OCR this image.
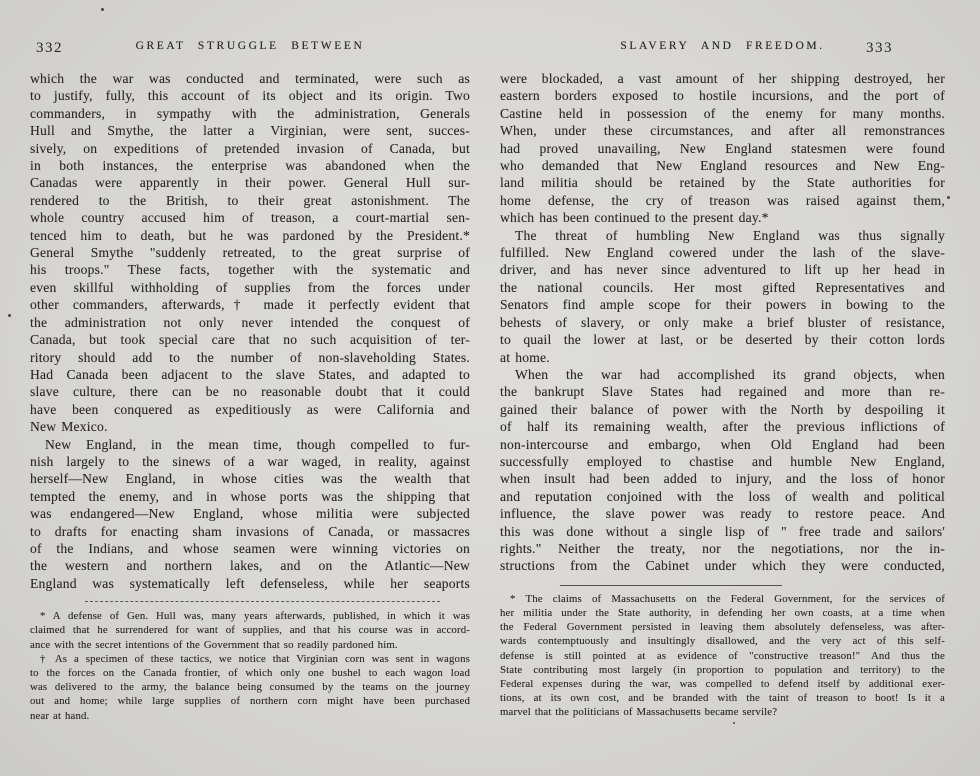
332	GREAT STRUGGLE BETWEEN
which the war was conducted and terminated, were such as
to justify, fully, this account of its object and its origin. Two
commanders, in sympathy with the administration, Generals
Hull and Smythe, the latter a Virginian, were sent, succes-
sively, on expeditions of pretended invasion of Canada, but
in both instances, the enterprise was abandoned when the
Canadas were apparently in their power. General Hull sur-
rendered to the British, to their great astonishment. The
whole country accused him of treason, a court-martial sen-
tenced him to death, but he was pardoned by the President.*
General Smythe "suddenly retreated, to the great surprise of
his troops." These facts, together with the systematic and
even skillful withholding of supplies from the forces under
other commanders, afterwards,† made it perfectly evident that
the administration not only never intended the conquest of
Canada, but took special care that no such acquisition of ter-
ritory should add to the number of non-slaveholding States.
Had Canada been adjacent to the slave States, and adapted to
slave culture, there can be no reasonable doubt that it could
have been conquered as expeditiously as were California and
New Mexico.
New England, in the mean time, though compelled to fur-
nish largely to the sinews of a war waged, in reality, against
herself—New England, in whose cities was the wealth that
tempted the enemy, and in whose ports was the shipping that
was endangered—New England, whose militia were subjected
to drafts for enacting sham invasions of Canada, or massacres
of the Indians, and whose seamen were winning victories on
the western and northern lakes, and on the Atlantic—New
England was systematically left defenseless, while her seaports
* A defense of Gen. Hull was, many years afterwards, published, in which it was
claimed that he surrendered for want of supplies, and that his course was in accord-
ance with the secret intentions of the Government that so readily pardoned him.
† As a specimen of these tactics, we notice that Virginian corn was sent in wagons
to the forces on the Canada frontier, of which only one bushel to each wagon load
was delivered to the army, the balance being consumed by the teams on the journey
out and home; while large supplies of northern corn might have been purchased
near at hand.
333
SLAVERY AND FREEDOM.
were blockaded, a vast amount of her shipping destroyed, her
eastern borders exposed to hostile incursions, and the port of
Castine held in possession of the enemy for many months.
When, under these circumstances, and after all remonstrances
had proved unavailing, New England statesmen were found
who demanded that New England resources and New Eng-
land militia should be retained by the State authorities for
home defense, the cry of treason was raised against them,
which has been continued to the present day.*
The threat of humbling New England was thus signally
fulfilled. New England cowered under the lash of the slave-
driver, and has never since adventured to lift up her head in
the national councils. Her most gifted Representatives and
Senators find ample scope for their powers in bowing to the
behests of slavery, or only make a brief bluster of resistance,
to quail the lower at last, or be deserted by their cotton lords
at home.
When the war had accomplished its grand objects, when
the bankrupt Slave States had regained and more than re-
gained their balance of power with the North by despoiling it
of half its remaining wealth, after the previous inflictions of
non-intercourse and embargo, when Old England had been
successfully employed to chastise and humble New England,
when insult had been added to injury, and the loss of honor
and reputation conjoined with the loss of wealth and political
influence, the slave power was ready to restore peace. And
this was done without a single lisp of " free trade and sailors'
rights." Neither the treaty, nor the negotiations, nor the in-
structions from the Cabinet under which they were conducted,
* The claims of Massachusetts on the Federal Government, for the services of
her militia under the State authority, in defending her own coasts, at a time when
the Federal Government persisted in leaving them absolutely defenseless, was after-
wards contemptuously and insultingly disallowed, and the very act of this self-
defense is still pointed at as evidence of "constructive treason!" And thus the
State contributing most largely (in proportion to population and territory) to the
Federal expenses during the war, was compelled to defend itself by additional exer-
tions, at its own cost, and be branded with the taint of treason to boot! Is it a
marvel that the politicians of Massachusetts became servile?
